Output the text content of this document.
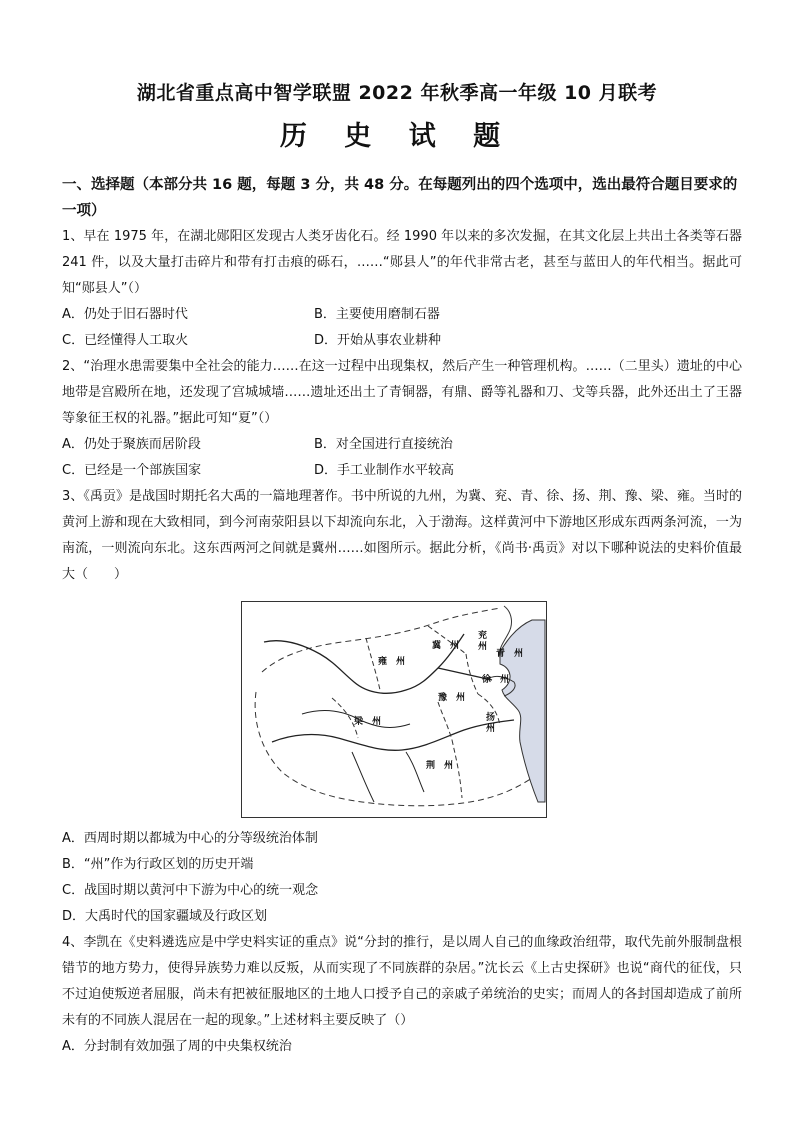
湖北省重点高中智学联盟 2022 年秋季高一年级 10 月联考
历 史 试 题

一、选择题（本部分共 16 题，每题 3 分，共 48 分。在每题列出的四个选项中，选出最符合题目要求的一项）

1、早在 1975 年，在湖北郧阳区发现古人类牙齿化石。经 1990 年以来的多次发掘，在其文化层上共出土各类等石器 241 件，以及大量打击碎片和带有打击痕的砾石，……“郧县人”的年代非常古老，甚至与蓝田人的年代相当。据此可知“郧县人”（）

A．仍处于旧石器时代	B．主要使用磨制石器
C．已经懂得人工取火	D．开始从事农业耕种

2、“治理水患需要集中全社会的能力……在这一过程中出现集权，然后产生一种管理机构。……（二里头）遗址的中心地带是宫殿所在地，还发现了宫城城墙……遗址还出土了青铜器，有鼎、爵等礼器和刀、戈等兵器，此外还出土了王器等象征王权的礼器。”据此可知“夏”（）

A．仍处于聚族而居阶段	B．对全国进行直接统治
C．已经是一个部族国家	D．手工业制作水平较高

3、《禹贡》是战国时期托名大禹的一篇地理著作。书中所说的九州，为冀、兖、青、徐、扬、荆、豫、梁、雍。当时的黄河上游和现在大致相同，到今河南荥阳县以下却流向东北，入于渤海。这样黄河中下游地区形成东西两条河流，一为南流，一则流向东北。这东西两河之间就是冀州……如图所示。据此分析，《尚书·禹贡》对以下哪种说法的史料价值最大（　　）

雍　州
冀　州
兖州
青　州
徐　州
豫　州
梁　州	扬州
荆　州
A．西周时期以都城为中心的分等级统治体制
B．“州”作为行政区划的历史开端
C．战国时期以黄河中下游为中心的统一观念
D．大禹时代的国家疆域及行政区划

4、李凯在《史料遴选应是中学史料实证的重点》说“分封的推行，是以周人自己的血缘政治纽带，取代先前外服制盘根错节的地方势力，使得异族势力难以反叛，从而实现了不同族群的杂居。”沈长云《上古史探研》也说“商代的征伐，只不过迫使叛逆者屈服，尚未有把被征服地区的土地人口授予自己的亲戚子弟统治的史实；而周人的各封国却造成了前所未有的不同族人混居在一起的现象。”上述材料主要反映了（）

A．分封制有效加强了周的中央集权统治
